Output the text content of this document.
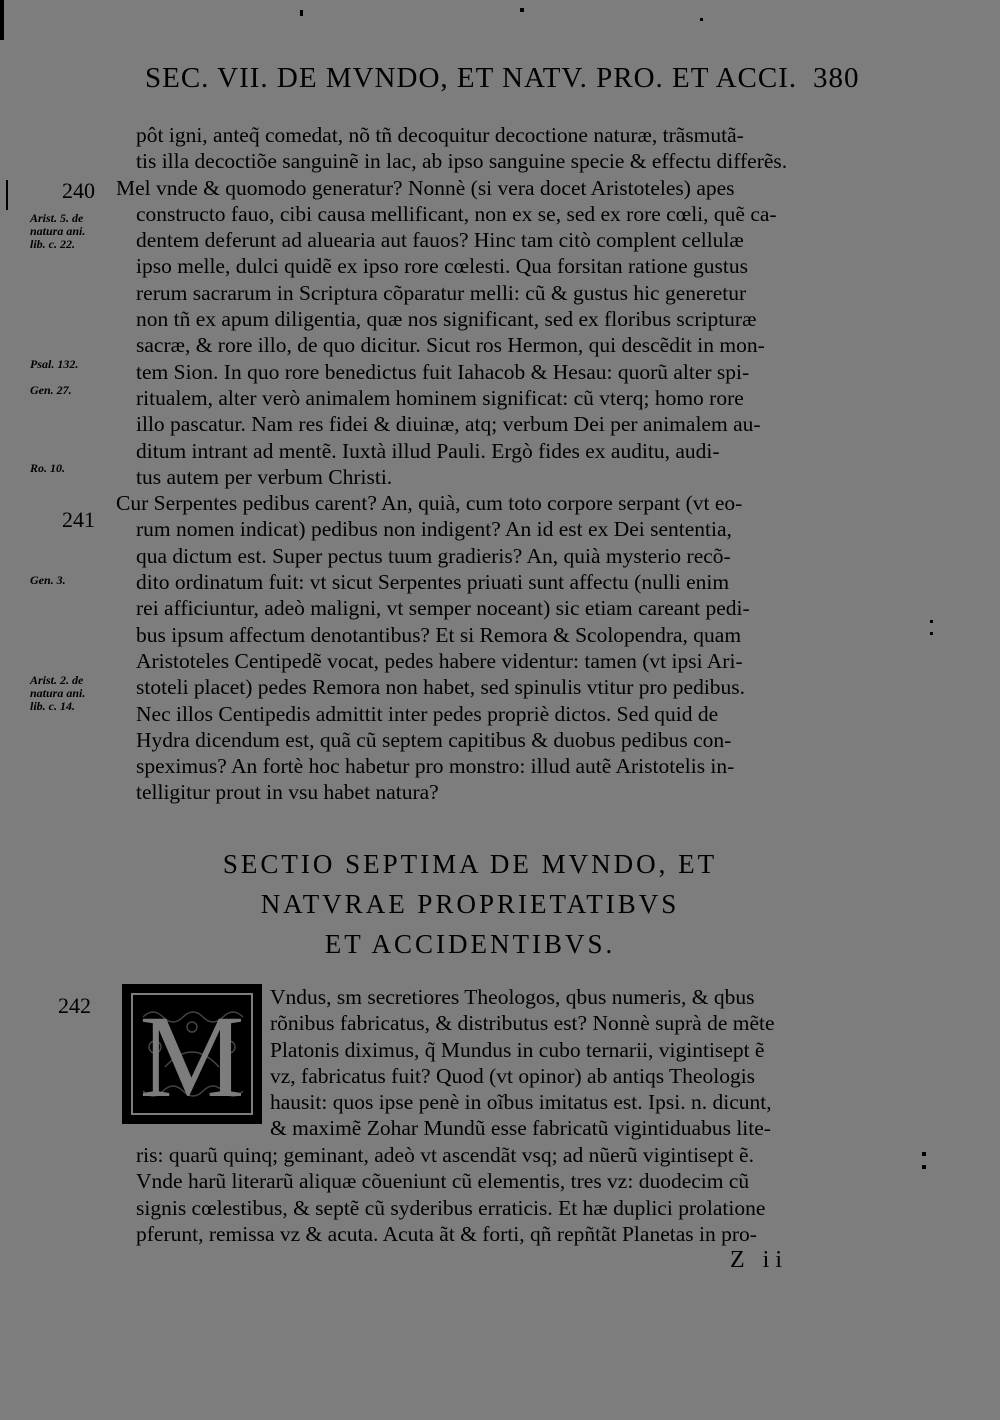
SEC. VII. DE MVNDO, ET NATV. PRO. ET ACCI. 380
Arist. 5. de
natura ani.
lib. c. 22.
Psal. 132.
Gen. 27.
Ro. 10.
Gen. 3.
Arist. 2. de
natura ani.
lib. c. 14.
240
241
242
pôt igni, anteq̃ comedat, nõ tñ decoquitur decoctione naturæ, trãsmutã-
tis illa decoctiõe sanguinẽ in lac, ab ipso sanguine specie & effectu differẽs.
Mel vnde & quomodo generatur? Nonnè (si vera docet Aristoteles) apes
constructo fauo, cibi causa mellificant, non ex se, sed ex rore cœli, quẽ ca-
dentem deferunt ad aluearia aut fauos? Hinc tam citò complent cellulæ
ipso melle, dulci quidẽ ex ipso rore cœlesti. Qua forsitan ratione gustus
rerum sacrarum in Scriptura cõparatur melli: cũ & gustus hic generetur
non tñ ex apum diligentia, quæ nos significant, sed ex floribus scripturæ
sacræ, & rore illo, de quo dicitur. Sicut ros Hermon, qui descẽdit in mon-
tem Sion. In quo rore benedictus fuit Iahacob & Hesau: quorũ alter spi-
ritualem, alter verò animalem hominem significat: cũ vterq; homo rore
illo pascatur. Nam res fidei & diuinæ, atq; verbum Dei per animalem au-
ditum intrant ad mentẽ. Iuxtà illud Pauli. Ergò fides ex auditu, audi-
tus autem per verbum Christi.
Cur Serpentes pedibus carent? An, quià, cum toto corpore serpant (vt eo-
rum nomen indicat) pedibus non indigent? An id est ex Dei sententia,
qua dictum est. Super pectus tuum gradieris? An, quià mysterio recõ-
dito ordinatum fuit: vt sicut Serpentes priuati sunt affectu (nulli enim
rei afficiuntur, adeò maligni, vt semper noceant) sic etiam careant pedi-
bus ipsum affectum denotantibus? Et si Remora & Scolopendra, quam
Aristoteles Centipedẽ vocat, pedes habere videntur: tamen (vt ipsi Ari-
stoteli placet) pedes Remora non habet, sed spinulis vtitur pro pedibus.
Nec illos Centipedis admittit inter pedes propriè dictos. Sed quid de
Hydra dicendum est, quã cũ septem capitibus & duobus pedibus con-
speximus? An fortè hoc habetur pro monstro: illud autẽ Aristotelis in-
telligitur prout in vsu habet natura?
SECTIO SEPTIMA DE MVNDO, ET
NATVRAE PROPRIETATIBVS
ET ACCIDENTIBVS.
M	Vndus, sm secretiores Theologos, qbus numeris, & qbus
rõnibus fabricatus, & distributus est? Nonnè suprà de mẽte
Platonis diximus, q̃ Mundus in cubo ternarii, vigintisept ẽ
vz, fabricatus fuit? Quod (vt opinor) ab antiqs Theologis
hausit: quos ipse penè in oĩbus imitatus est. Ipsi. n. dicunt,
& maximẽ Zohar Mundũ esse fabricatũ vigintiduabus lite-
ris: quarũ quinq; geminant, adeò vt ascendãt vsq; ad nũerũ vigintisept ẽ.
Vnde harũ literarũ aliquæ cõueniunt cũ elementis, tres vz: duodecim cũ
signis cœlestibus, & septẽ cũ syderibus erraticis. Et hæ duplici prolatione
pferunt, remissa vz & acuta. Acuta ãt & forti, qñ repñtãt Planetas in pro-
Z ii
